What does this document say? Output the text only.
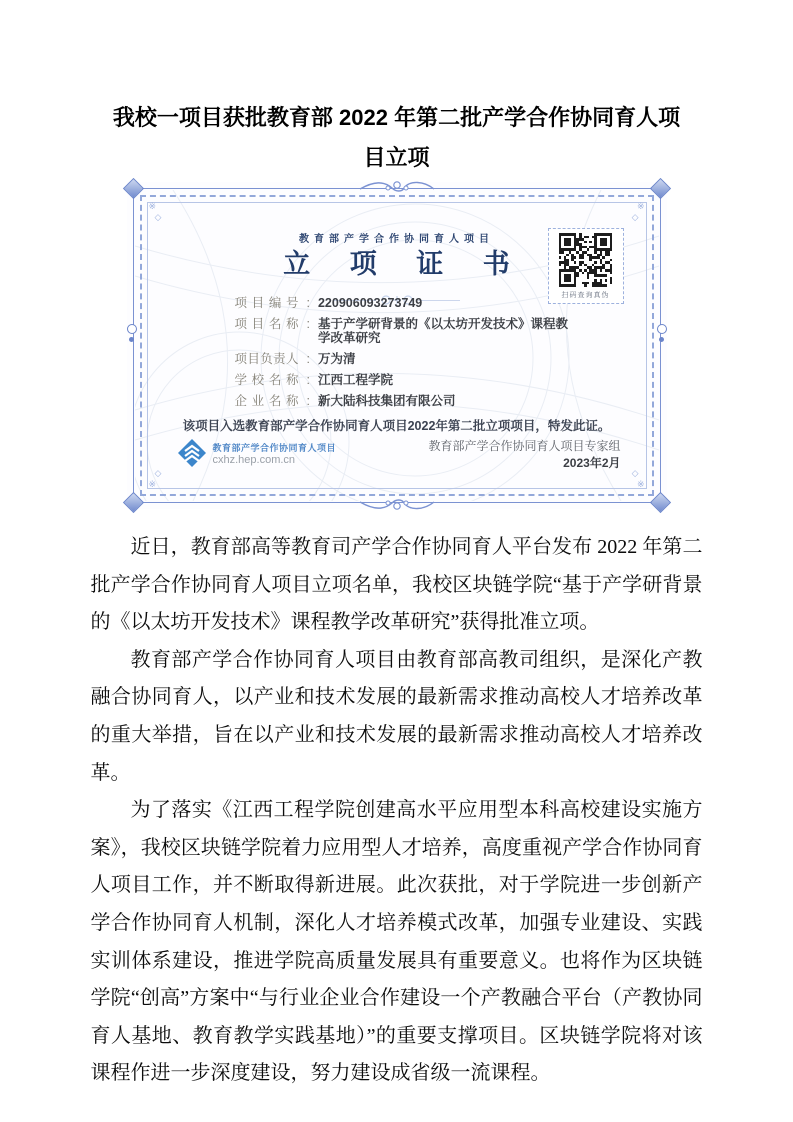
我校一项目获批教育部 2022 年第二批产学合作协同育人项目立项
※
◇
※
◇
※
◇
※
◇
教育部产学合作协同育人项目
立 项 证 书
扫码查询真伪
项目编号 : 220906093273749
项目名称 : 基于产学研背景的《以太坊开发技术》课程教学改革研究
项目负责人 : 万为清
学校名称 : 江西工程学院
企业名称 : 新大陆科技集团有限公司
该项目入选教育部产学合作协同育人项目2022年第二批立项项目，特发此证。
教育部产学合作协同育人项目
cxhz.hep.com.cn
教育部产学合作协同育人项目专家组
2023年2月

近日，教育部高等教育司产学合作协同育人平台发布 2022 年第二批产学合作协同育人项目立项名单，我校区块链学院“基于产学研背景的《以太坊开发技术》课程教学改革研究”获得批准立项。

教育部产学合作协同育人项目由教育部高教司组织，是深化产教融合协同育人，以产业和技术发展的最新需求推动高校人才培养改革的重大举措，旨在以产业和技术发展的最新需求推动高校人才培养改革。

为了落实《江西工程学院创建高水平应用型本科高校建设实施方案》，我校区块链学院着力应用型人才培养，高度重视产学合作协同育人项目工作，并不断取得新进展。此次获批，对于学院进一步创新产学合作协同育人机制，深化人才培养模式改革，加强专业建设、实践实训体系建设，推进学院高质量发展具有重要意义。也将作为区块链学院“创高”方案中“与行业企业合作建设一个产教融合平台（产教协同育人基地、教育教学实践基地）”的重要支撑项目。区块链学院将对该课程作进一步深度建设，努力建设成省级一流课程。
